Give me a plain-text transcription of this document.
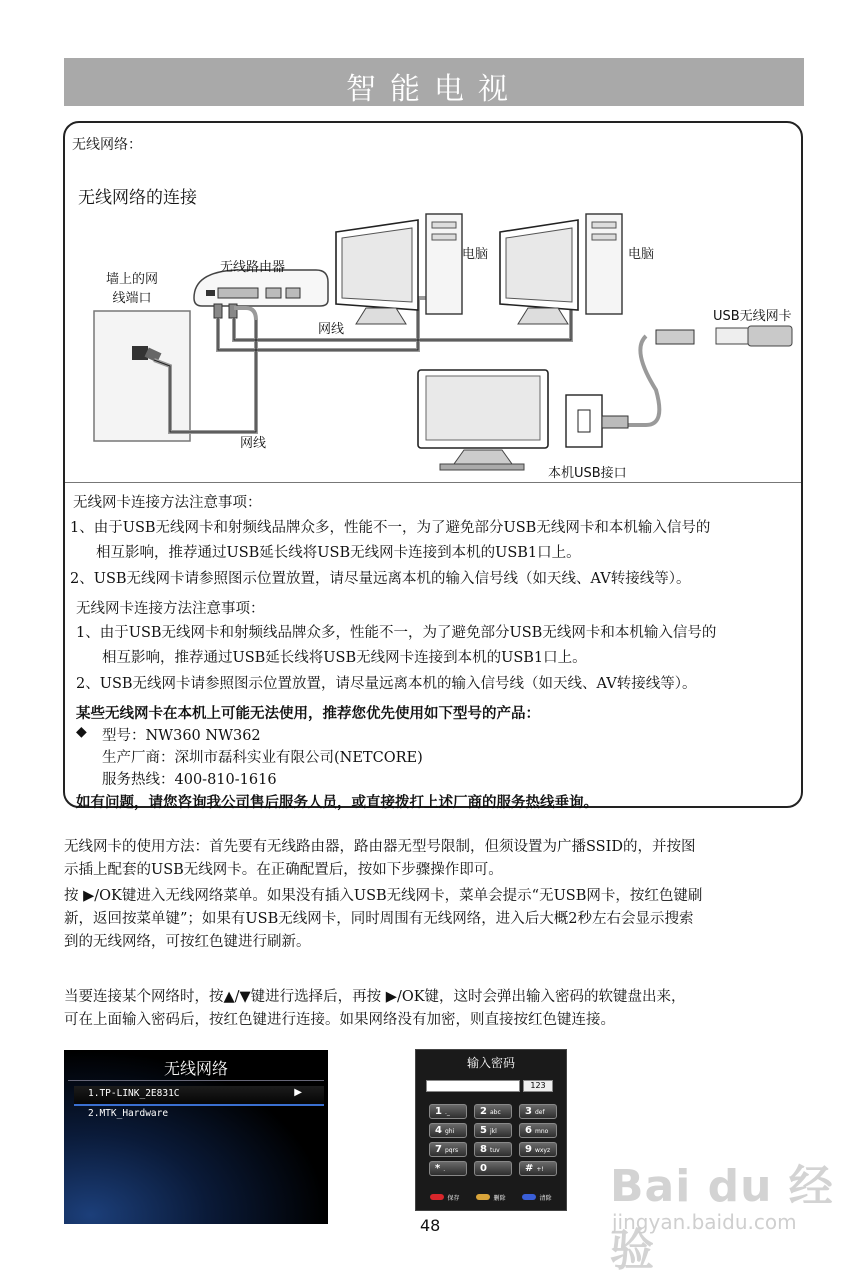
智能电视
无线网络：
无线网络的连接
墙上的网
线端口
无线路由器
电脑	电脑
网线
网线
USB无线网卡
本机USB接口
无线网卡连接方法注意事项：
1、由于USB无线网卡和射频线品牌众多，性能不一，为了避免部分USB无线网卡和本机输入信号的
相互影响，推荐通过USB延长线将USB无线网卡连接到本机的USB1口上。
2、USB无线网卡请参照图示位置放置，请尽量远离本机的输入信号线（如天线、AV转接线等）。
无线网卡连接方法注意事项：
1、由于USB无线网卡和射频线品牌众多，性能不一，为了避免部分USB无线网卡和本机输入信号的
相互影响，推荐通过USB延长线将USB无线网卡连接到本机的USB1口上。
2、USB无线网卡请参照图示位置放置，请尽量远离本机的输入信号线（如天线、AV转接线等）。
某些无线网卡在本机上可能无法使用，推荐您优先使用如下型号的产品：
◆ 型号：NW360 NW362
生产厂商：深圳市磊科实业有限公司(NETCORE)
服务热线：400-810-1616
如有问题，请您咨询我公司售后服务人员，或直接拨打上述厂商的服务热线垂询。
无线网卡的使用方法：首先要有无线路由器，路由器无型号限制，但须设置为广播SSID的，并按图
示插上配套的USB无线网卡。在正确配置后，按如下步骤操作即可。
按 ▶/OK键进入无线网络菜单。如果没有插入USB无线网卡，菜单会提示“无USB网卡，按红色键刷
新，返回按菜单键”；如果有USB无线网卡，同时周围有无线网络，进入后大概2秒左右会显示搜索
到的无线网络，可按红色键进行刷新。
当要连接某个网络时，按▲/▼键进行选择后，再按 ▶/OK键，这时会弹出输入密码的软键盘出来，
可在上面输入密码后，按红色键进行连接。如果网络没有加密，则直接按红色键连接。
无线网络
1.TP-LINK_2E831C	▶
2.MTK_Hardware
输入密码
123
1 ._	2 abc	3 def
4 ghi	5 jkl	6 mno
7 pqrs	8 tuv	9 wxyz
* .	0	# +!
保存	删除	清除
48
Bai du 经验
jingyan.baidu.com
